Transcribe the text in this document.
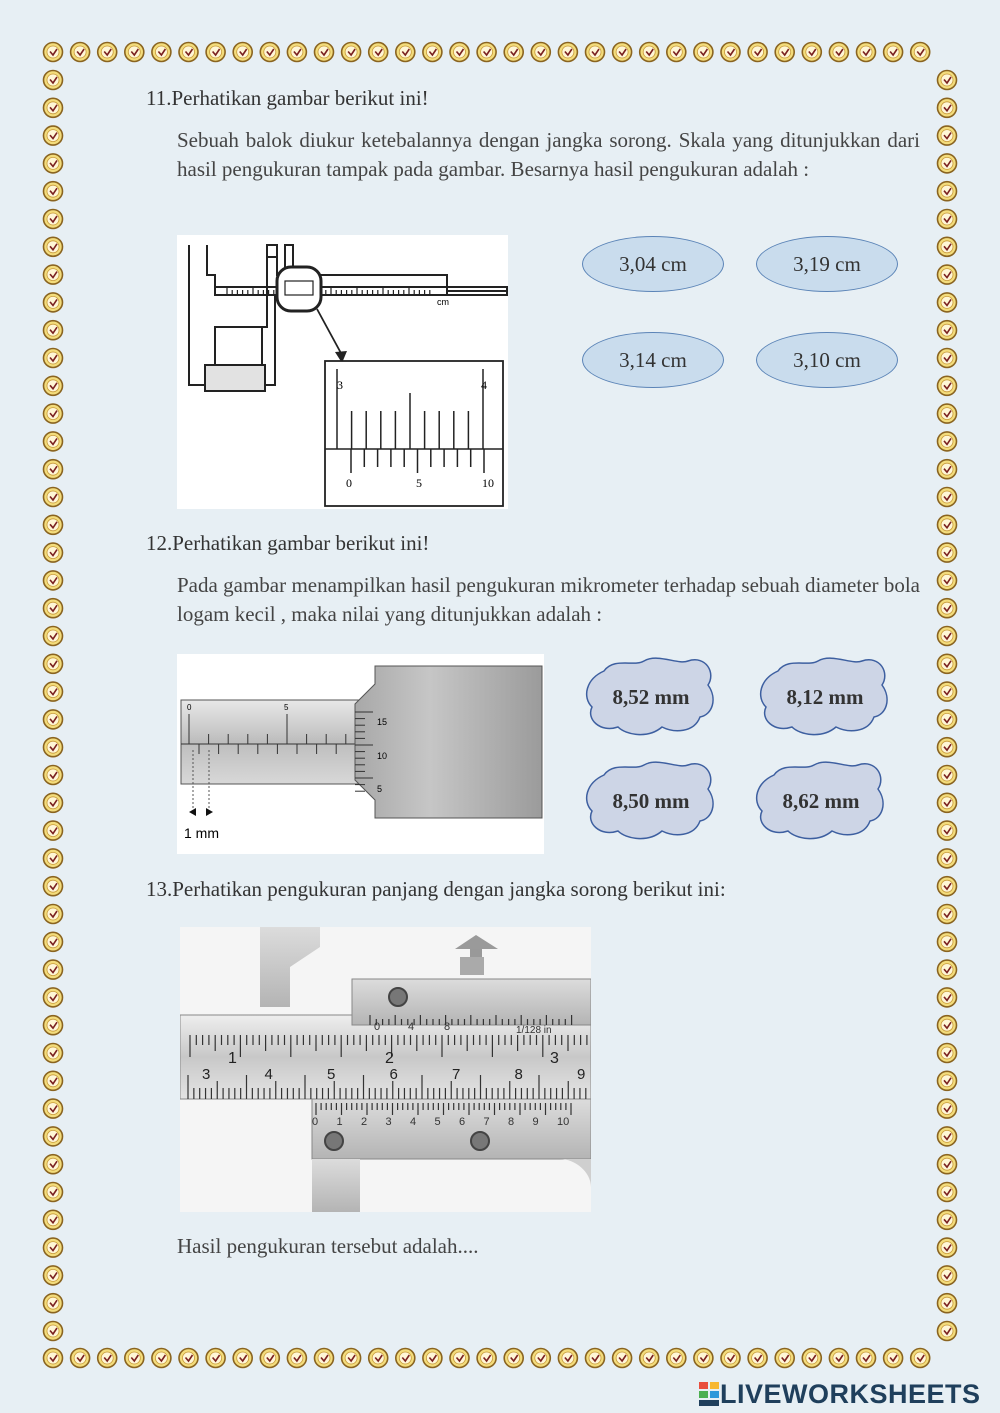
11.Perhatikan gambar berikut ini!
Sebuah balok diukur ketebalannya dengan jangka sorong. Skala yang ditunjukkan dari hasil pengukuran tampak pada gambar. Besarnya hasil pengukuran adalah :
cm
3	4
0	5	10
3,04 cm	3,19 cm
3,14 cm	3,10 cm
12.Perhatikan gambar berikut ini!
Pada gambar menampilkan hasil pengukuran mikrometer terhadap sebuah diameter bola logam kecil , maka nilai yang ditunjukkan adalah :
0	5
15
10
5
1 mm
8,52 mm	8,12 mm
8,50 mm	8,62 mm
13.Perhatikan pengukuran panjang dengan jangka sorong berikut ini:
0	4	8	1/128 in
1	2	3
3	4	5	6	7	8	9
0 1 2 3 4 5 6 7 8 9 10
Hasil pengukuran tersebut adalah....
LIVEWORKSHEETS
